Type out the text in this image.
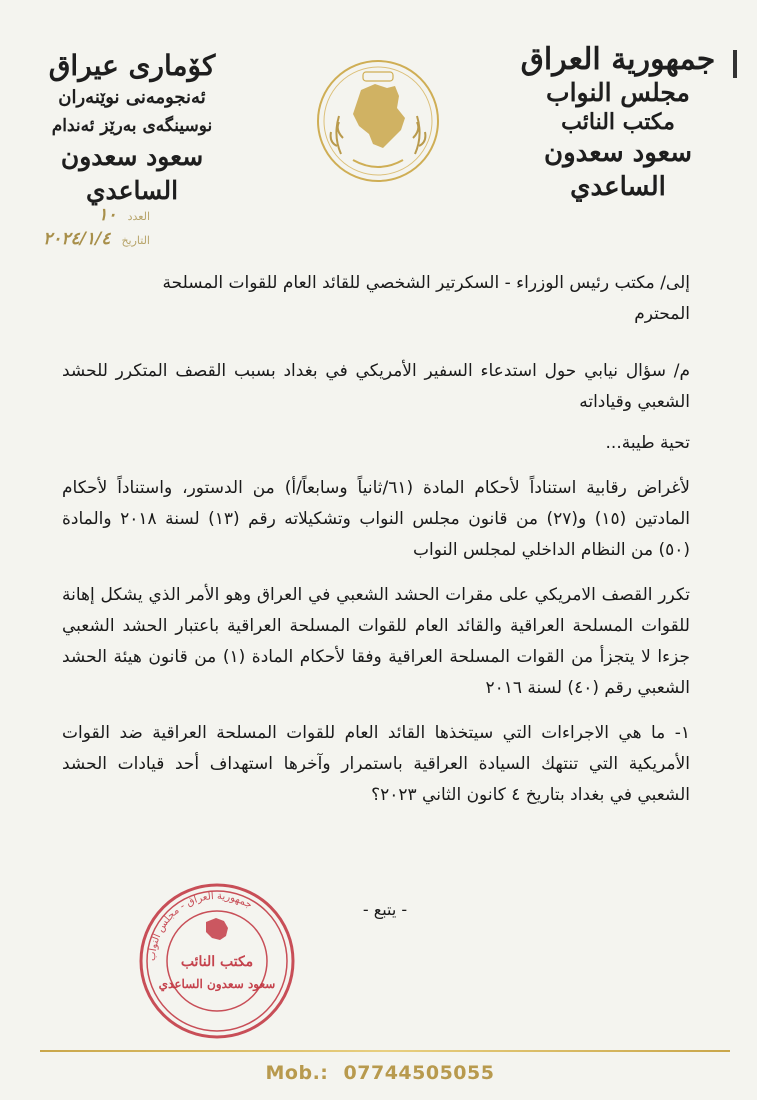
جمهورية العراق
مجلس النواب
مكتب النائب
سعود سعدون الساعدي
كۆماری عیراق
ئەنجومەنی نوێنەران
نوسینگەی بەرێز ئەندام
سعود سعدون الساعدي
العدد ١٠
التاريخ ٢٠٢٤/١/٤

إلى/ مكتب رئيس الوزراء - السكرتير الشخصي للقائد العام للقوات المسلحة

المحترم

م/ سؤال نيابي حول استدعاء السفير الأمريكي في بغداد بسبب القصف المتكرر للحشد الشعبي وقياداته

تحية طيبة...

لأغراض رقابية استناداً لأحكام المادة (٦١/ثانياً وسابعاً/أ) من الدستور، واستناداً لأحكام المادتين (١٥) و(٢٧) من قانون مجلس النواب وتشكيلاته رقم (١٣) لسنة ٢٠١٨ والمادة (٥٠) من النظام الداخلي لمجلس النواب

تكرر القصف الامريكي على مقرات الحشد الشعبي في العراق وهو الأمر الذي يشكل إهانة للقوات المسلحة العراقية والقائد العام للقوات المسلحة العراقية باعتبار الحشد الشعبي جزءا لا يتجزأ من القوات المسلحة العراقية وفقا لأحكام المادة (١) من قانون هيئة الحشد الشعبي رقم (٤٠) لسنة ٢٠١٦

١- ما هي الاجراءات التي سيتخذها القائد العام للقوات المسلحة العراقية ضد القوات الأمريكية التي تنتهك السيادة العراقية باستمرار وآخرها استهداف أحد قيادات الحشد الشعبي في بغداد بتاريخ ٤ كانون الثاني ٢٠٢٣؟

- يتبع -
جمهورية العراق - مجلس النواب
مكتب النائب
سعود سعدون الساعدي
Mob.: 07744505055
